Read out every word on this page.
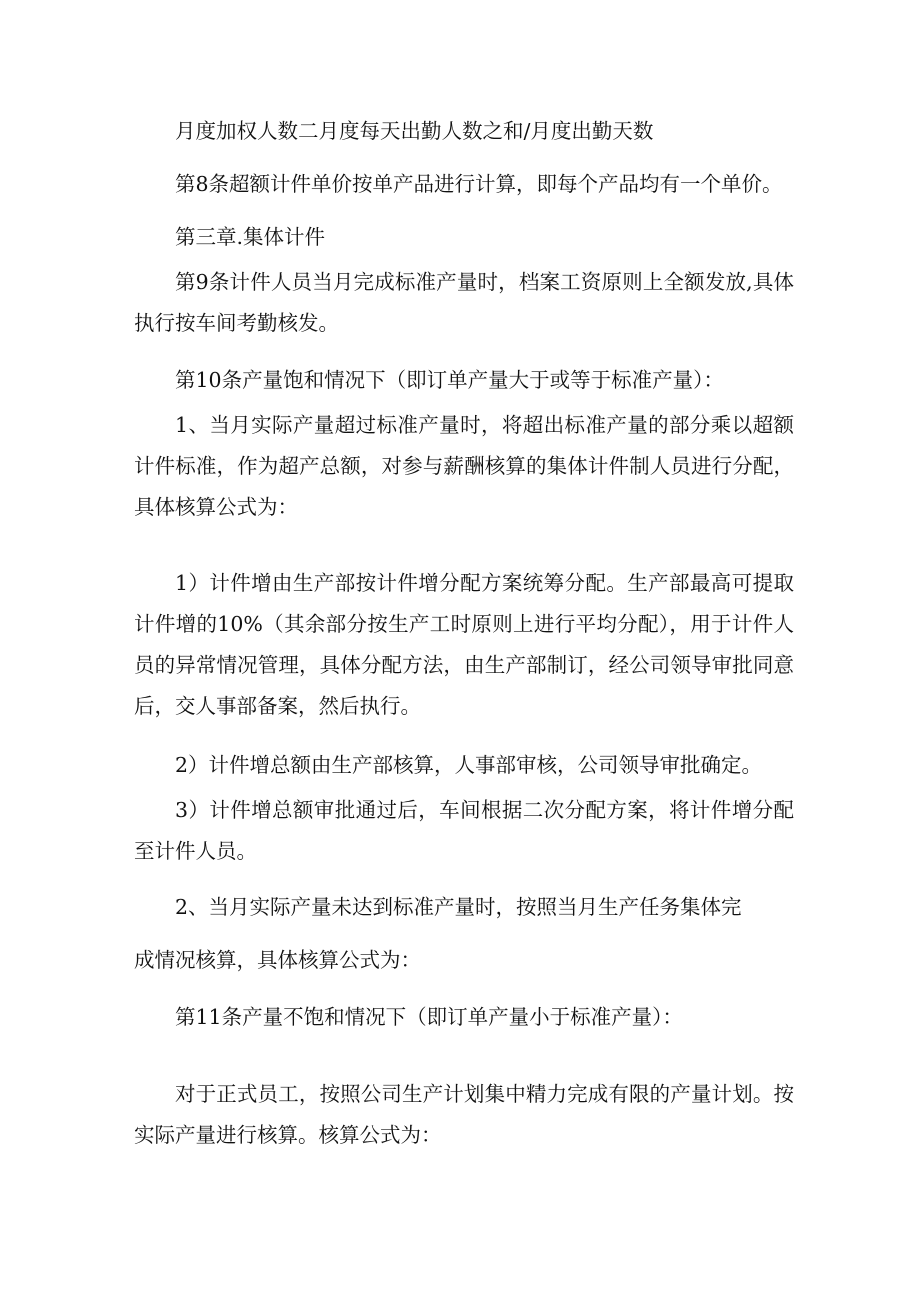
月度加权人数二月度每天出勤人数之和/月度出勤天数

第8条超额计件单价按单产品进行计算，即每个产品均有一个单价。

第三章.集体计件

第9条计件人员当月完成标准产量时，档案工资原则上全额发放,具体执行按车间考勤核发。

第10条产量饱和情况下（即订单产量大于或等于标准产量）：

1、当月实际产量超过标准产量时，将超出标准产量的部分乘以超额计件标准，作为超产总额，对参与薪酬核算的集体计件制人员进行分配，具体核算公式为：

1）计件增由生产部按计件增分配方案统筹分配。生产部最高可提取计件增的10%（其余部分按生产工时原则上进行平均分配），用于计件人员的异常情况管理，具体分配方法，由生产部制订，经公司领导审批同意后，交人事部备案，然后执行。

2）计件增总额由生产部核算，人事部审核，公司领导审批确定。

3）计件增总额审批通过后，车间根据二次分配方案，将计件增分配至计件人员。

2、当月实际产量未达到标准产量时，按照当月生产任务集体完

成情况核算，具体核算公式为：

第11条产量不饱和情况下（即订单产量小于标准产量）：

对于正式员工，按照公司生产计划集中精力完成有限的产量计划。按实际产量进行核算。核算公式为：
